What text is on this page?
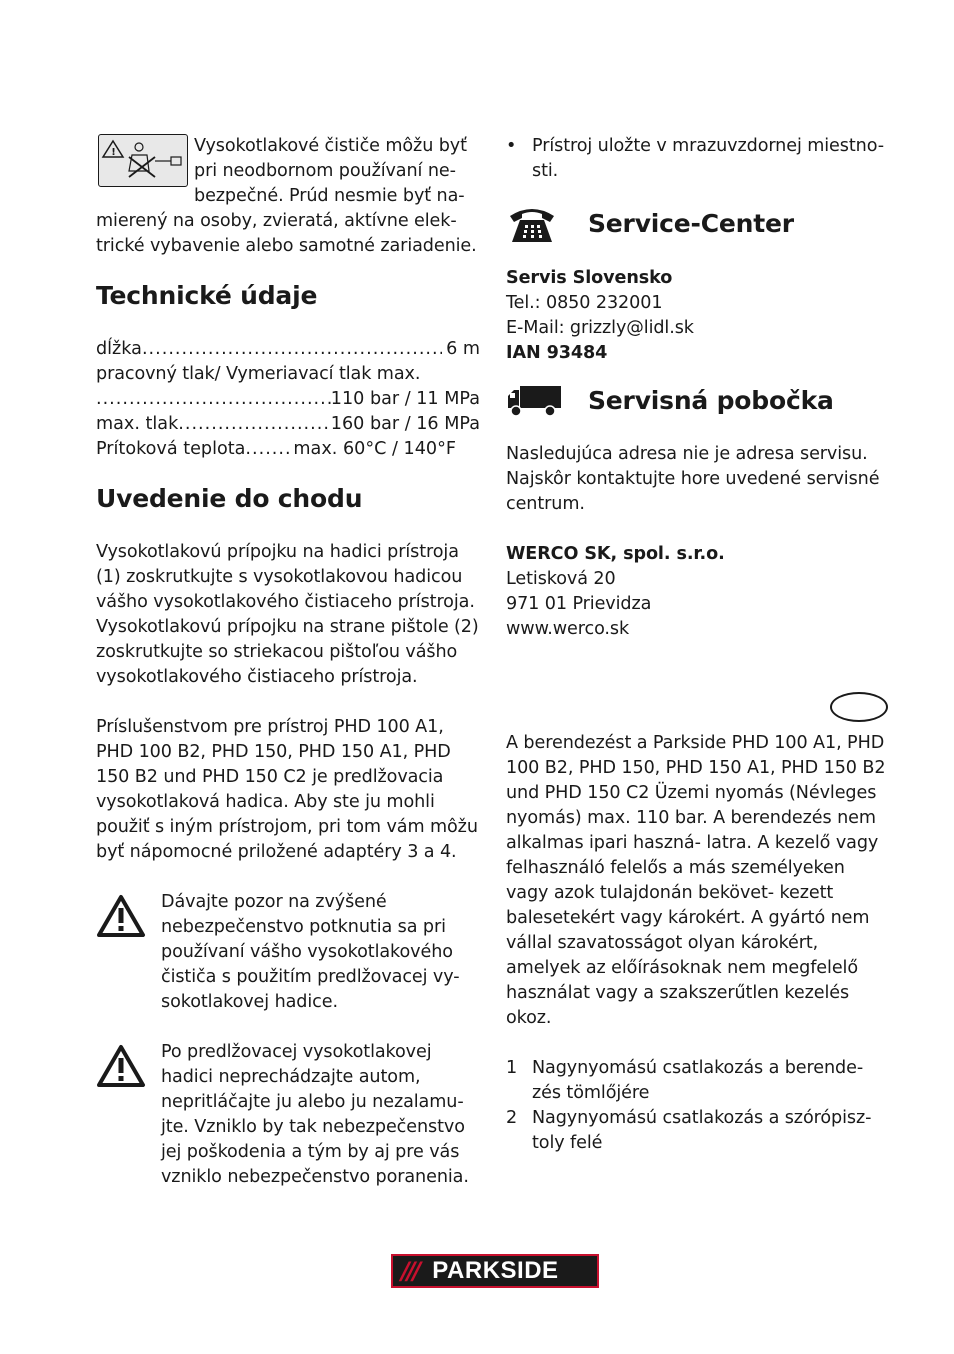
!	Vysokotlakové čističe môžu byť

pri neodbornom používaní ne-

bezpečné. Prúd nesmie byť na-

mierený na osoby, zvieratá, aktívne elek- trické vybavenie alebo samotné zariadenie.

Technické údaje
dĺžka .....	6 m
pracovný tlak/ Vymeriavací tlak max.
.....
110 bar / 11 MPa
max. tlak .....	160 bar / 16 MPa
Prítoková teplota .....	max. 60°C / 140°F
Uvedenie do chodu

Vysokotlakovú prípojku na hadici prístroja (1) zoskrutkujte s vysokotlakovou hadicou vášho vysokotlakového čistiaceho prístroja. Vysokotlakovú prípojku na strane pištole (2) zoskrutkujte so striekacou pištoľou vášho vysokotlakového čistiaceho prístroja.

Príslušenstvom pre prístroj PHD 100 A1, PHD 100 B2, PHD 150, PHD 150 A1, PHD 150 B2 und PHD 150 C2 je predlžovacia vysokotlaková hadica. Aby ste ju mohli použiť s iným prístrojom, pri tom vám môžu byť nápomocné priložené adaptéry 3 a 4.

Dávajte pozor na zvýšené nebezpečenstvo potknutia sa pri používaní vášho vysokotlakového čističa s použitím predlžovacej vy- sokotlakovej hadice.

Po predlžovacej vysokotlakovej hadici neprechádzajte autom, nepritláčajte ju alebo ju nezalamu- jte. Vzniklo by tak nebezpečenstvo jej poškodenia a tým by aj pre vás vzniklo nebezpečenstvo poranenia.

• Prístroj uložte v mrazuvzdornej miestno- sti.

Service-Center

Servis Slovensko

Tel.: 0850 232001

E-Mail: grizzly@lidl.sk

IAN 93484

Servisná pobočka

Nasledujúca adresa nie je adresa servisu. Najskôr kontaktujte hore uvedené servisné centrum.

WERCO SK, spol. s.r.o.

Letisková 20

971 01 Prievidza

www.werco.sk

A berendezést a Parkside PHD 100 A1, PHD 100 B2, PHD 150, PHD 150 A1, PHD 150 B2 und PHD 150 C2 Üzemi nyomás (Névleges nyomás) max. 110 bar. A berendezés nem alkalmas ipari haszná- latra. A kezelő vagy felhasználó felelős a más személyeken vagy azok tulajdonán bekövet- kezett balesetekért vagy károkért. A gyártó nem vállal szavatosságot olyan károkért, amelyek az előírásoknak nem megfelelő használat vagy a szakszerűtlen kezelés okoz.

1 Nagynyomású csatlakozás a berende- zés tömlőjére

2 Nagynyomású csatlakozás a szórópisz- toly felé

/// PARKSIDE
